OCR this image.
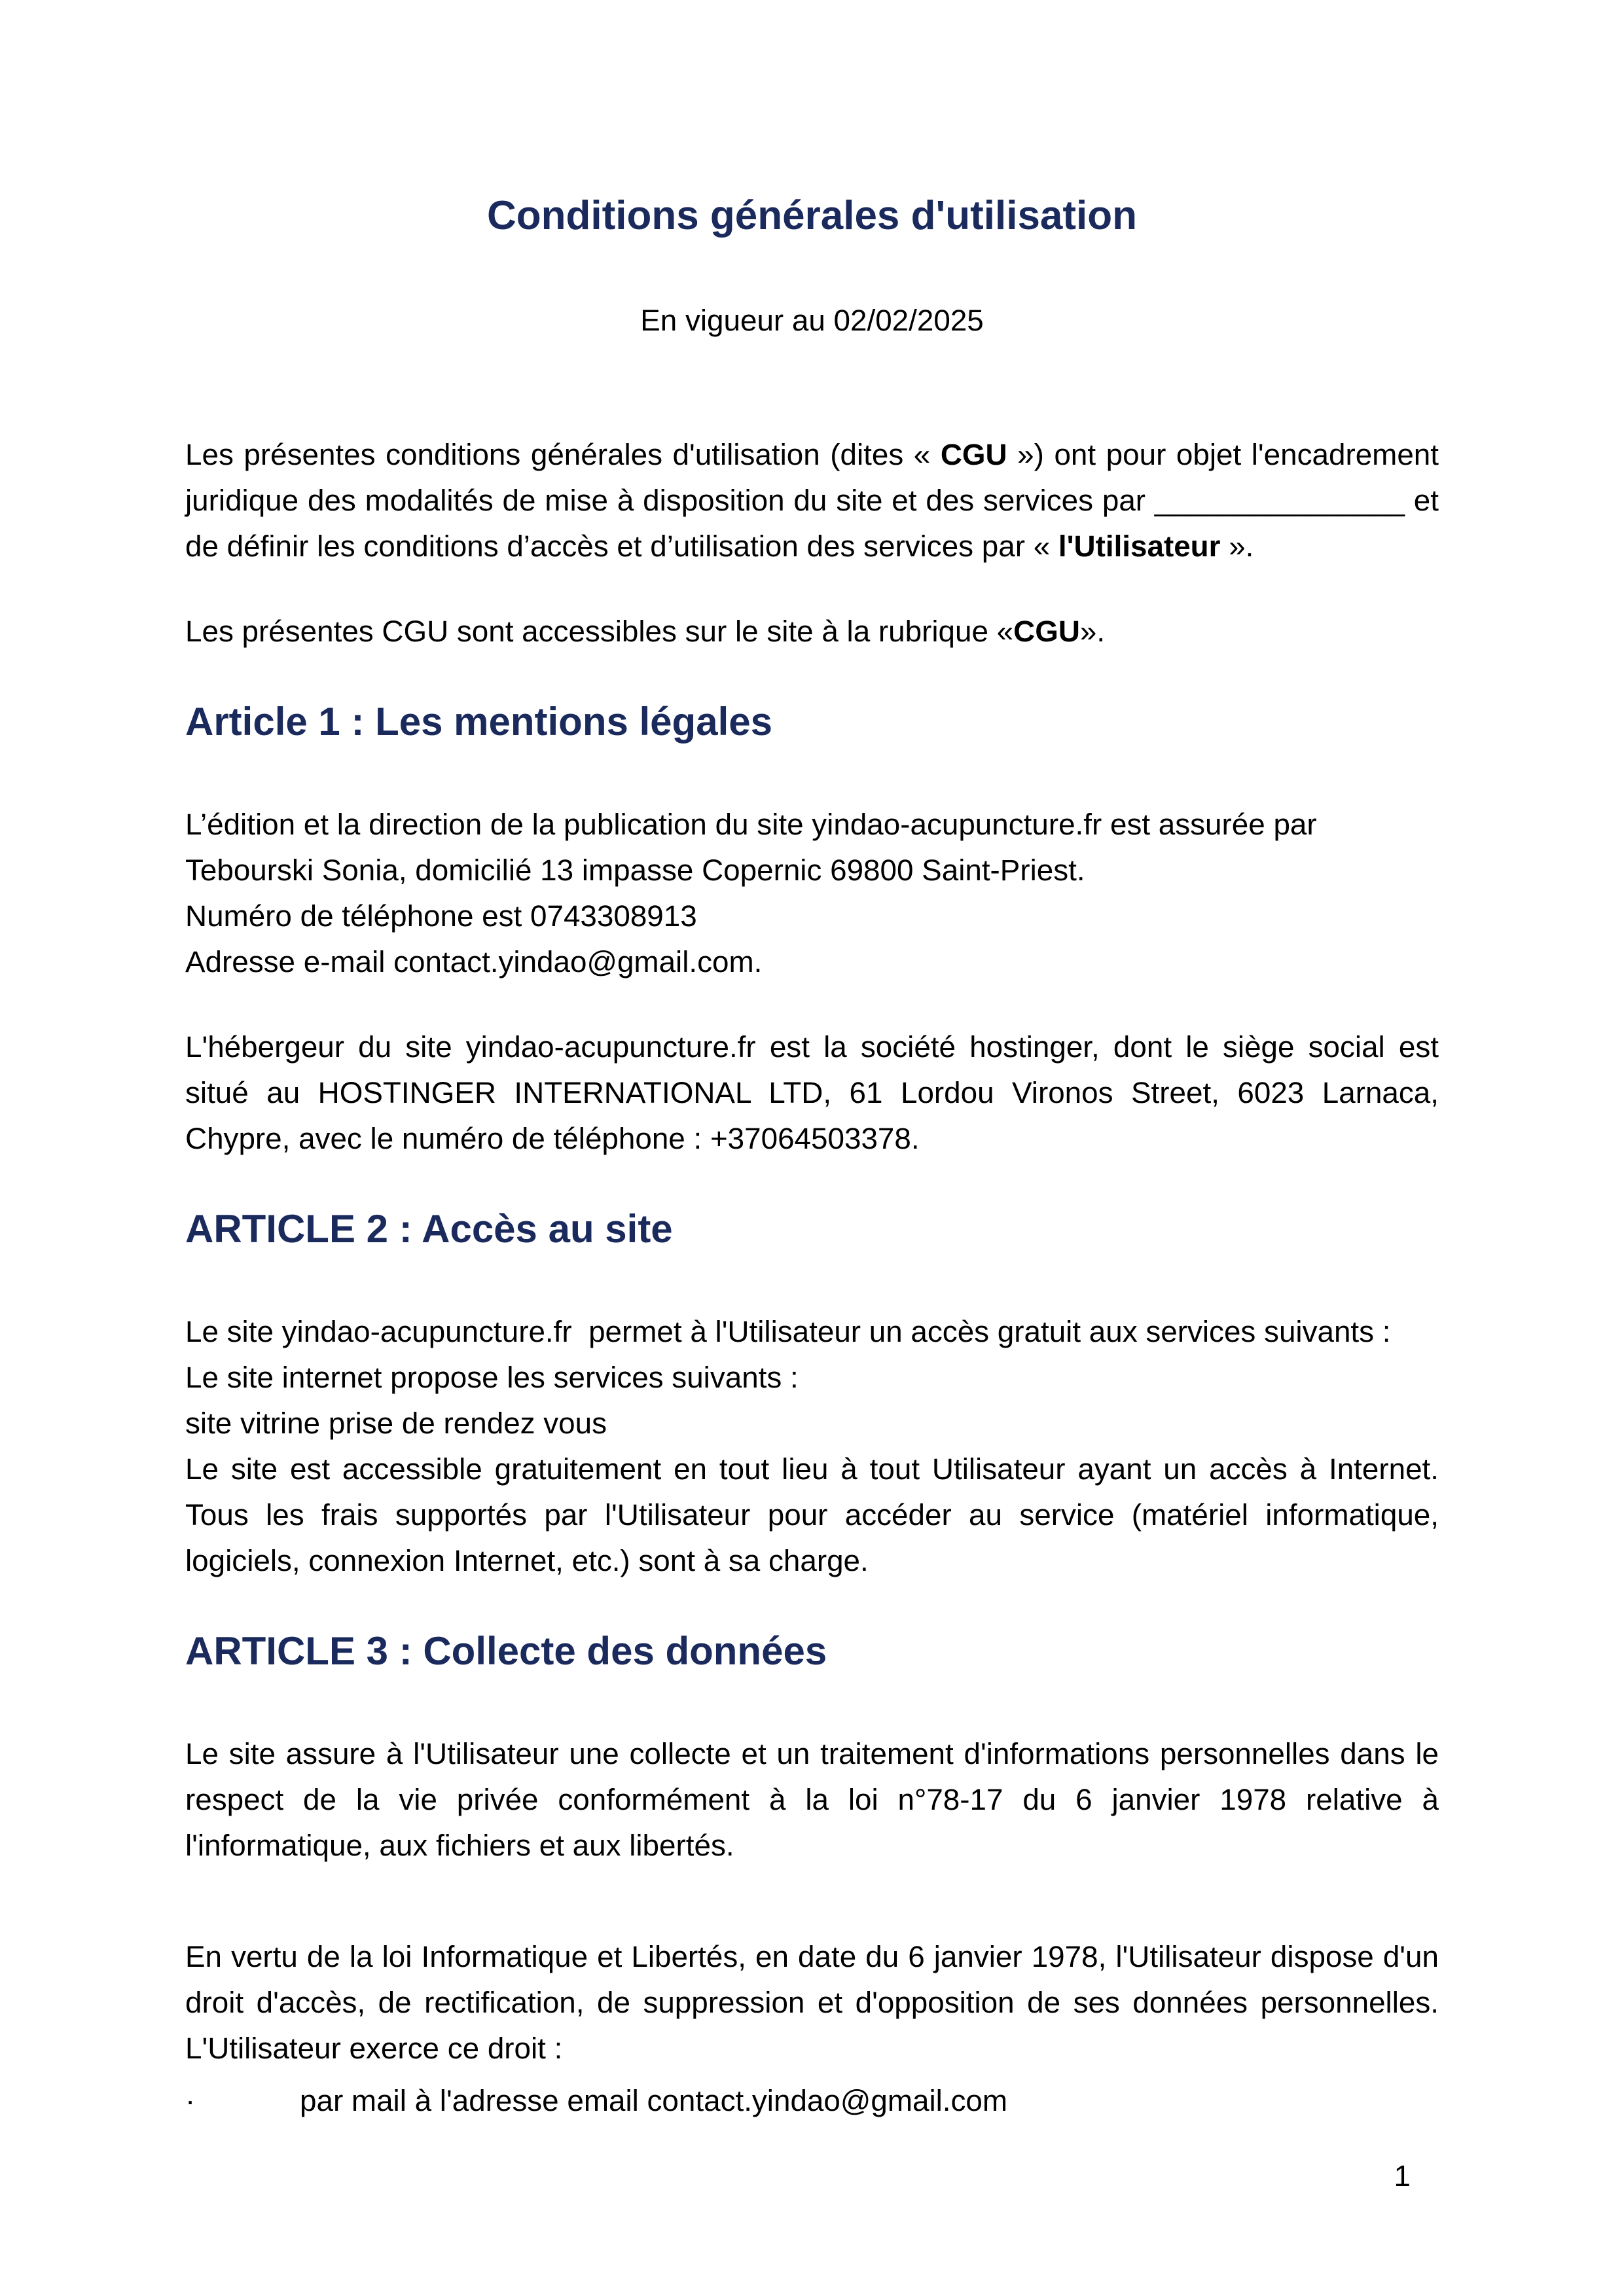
Conditions générales d'utilisation

En vigueur au 02/02/2025

Les présentes conditions générales d'utilisation (dites « CGU ») ont pour objet l'encadrement juridique des modalités de mise à disposition du site et des services par _______________ et de définir les conditions d’accès et d’utilisation des services par « l'Utilisateur ».

Les présentes CGU sont accessibles sur le site à la rubrique «CGU».

Article 1 : Les mentions légales

L’édition et la direction de la publication du site yindao-acupuncture.fr est assurée par Tebourski Sonia, domicilié 13 impasse Copernic 69800 Saint-Priest.
Numéro de téléphone est 0743308913
Adresse e-mail contact.yindao@gmail.com.

L'hébergeur du site yindao-acupuncture.fr est la société hostinger, dont le siège social est situé au HOSTINGER INTERNATIONAL LTD, 61 Lordou Vironos Street, 6023 Larnaca, Chypre, avec le numéro de téléphone : +37064503378.

ARTICLE 2 : Accès au site

Le site yindao-acupuncture.fr  permet à l'Utilisateur un accès gratuit aux services suivants :
Le site internet propose les services suivants :
site vitrine prise de rendez vous
Le site est accessible gratuitement en tout lieu à tout Utilisateur ayant un accès à Internet. Tous les frais supportés par l'Utilisateur pour accéder au service (matériel informatique, logiciels, connexion Internet, etc.) sont à sa charge.

ARTICLE 3 : Collecte des données

Le site assure à l'Utilisateur une collecte et un traitement d'informations personnelles dans le respect de la vie privée conformément à la loi n°78-17 du 6 janvier 1978 relative à l'informatique, aux fichiers et aux libertés.

En vertu de la loi Informatique et Libertés, en date du 6 janvier 1978, l'Utilisateur dispose d'un droit d'accès, de rectification, de suppression et d'opposition de ses données personnelles. L'Utilisateur exerce ce droit :

·	par mail à l'adresse email contact.yindao@gmail.com

1
